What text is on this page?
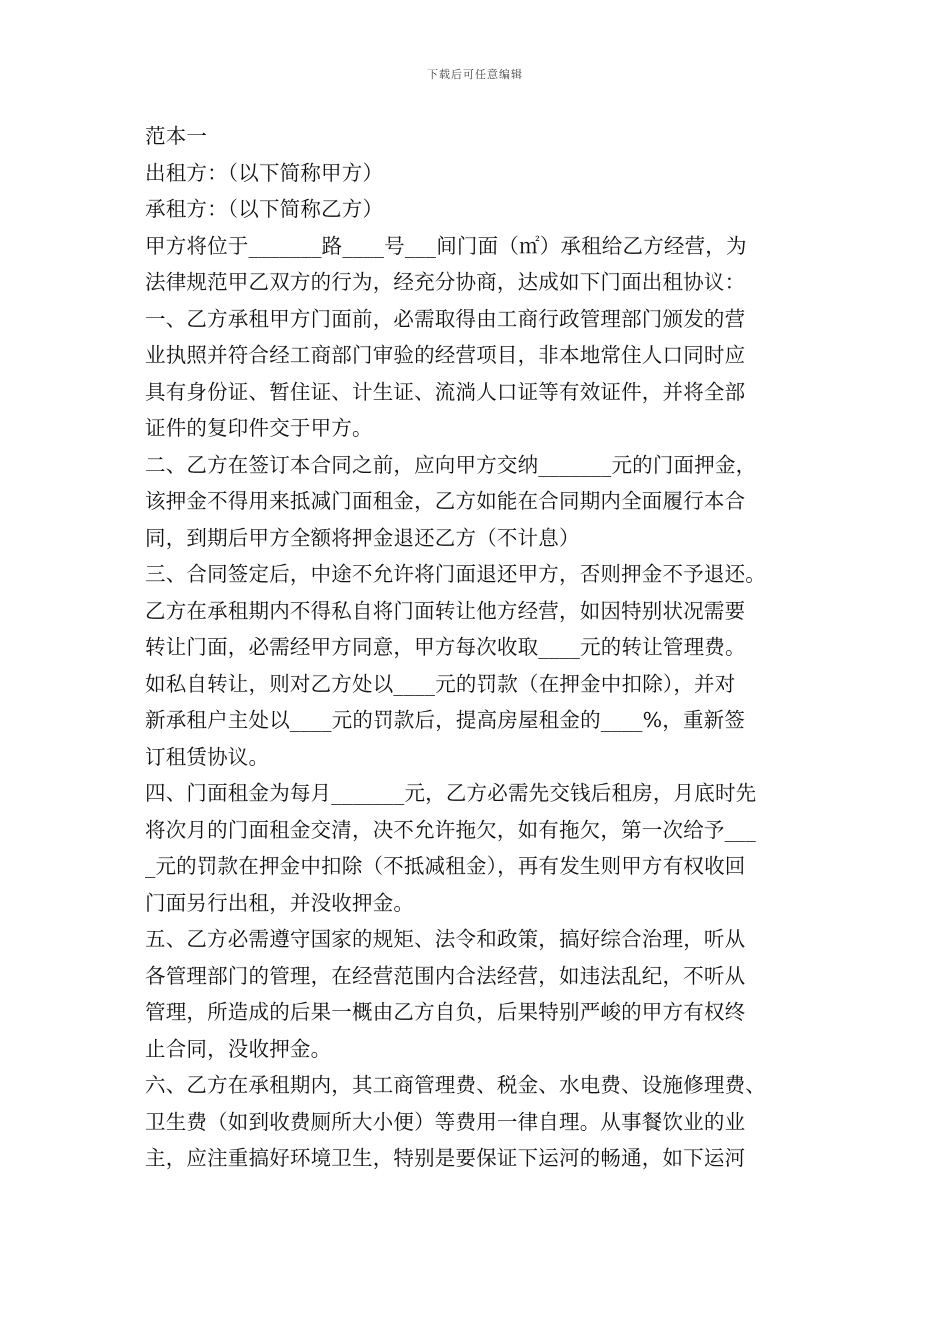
下载后可任意编辑
范本一
出租方：（以下简称甲方）
承租方：（以下简称乙方）
甲方将位于_______路____号___间门面（㎡）承租给乙方经营，为
法律规范甲乙双方的行为，经充分协商，达成如下门面出租协议：
一、乙方承租甲方门面前，必需取得由工商行政管理部门颁发的营
业执照并符合经工商部门审验的经营项目，非本地常住人口同时应
具有身份证、暂住证、计生证、流淌人口证等有效证件，并将全部
证件的复印件交于甲方。
二、乙方在签订本合同之前，应向甲方交纳_______元的门面押金，
该押金不得用来抵减门面租金，乙方如能在合同期内全面履行本合
同，到期后甲方全额将押金退还乙方（不计息）
三、合同签定后，中途不允许将门面退还甲方，否则押金不予退还。
乙方在承租期内不得私自将门面转让他方经营，如因特别状况需要
转让门面，必需经甲方同意，甲方每次收取____元的转让管理费。
如私自转让，则对乙方处以____元的罚款（在押金中扣除），并对
新承租户主处以____元的罚款后，提高房屋租金的____%，重新签
订租赁协议。
四、门面租金为每月_______元，乙方必需先交钱后租房，月底时先
将次月的门面租金交清，决不允许拖欠，如有拖欠，第一次给予___
_元的罚款在押金中扣除（不抵减租金），再有发生则甲方有权收回
门面另行出租，并没收押金。
五、乙方必需遵守国家的规矩、法令和政策，搞好综合治理，听从
各管理部门的管理，在经营范围内合法经营，如违法乱纪，不听从
管理，所造成的后果一概由乙方自负，后果特别严峻的甲方有权终
止合同，没收押金。
六、乙方在承租期内，其工商管理费、税金、水电费、设施修理费、
卫生费（如到收费厕所大小便）等费用一律自理。从事餐饮业的业
主，应注重搞好环境卫生，特别是要保证下运河的畅通，如下运河
